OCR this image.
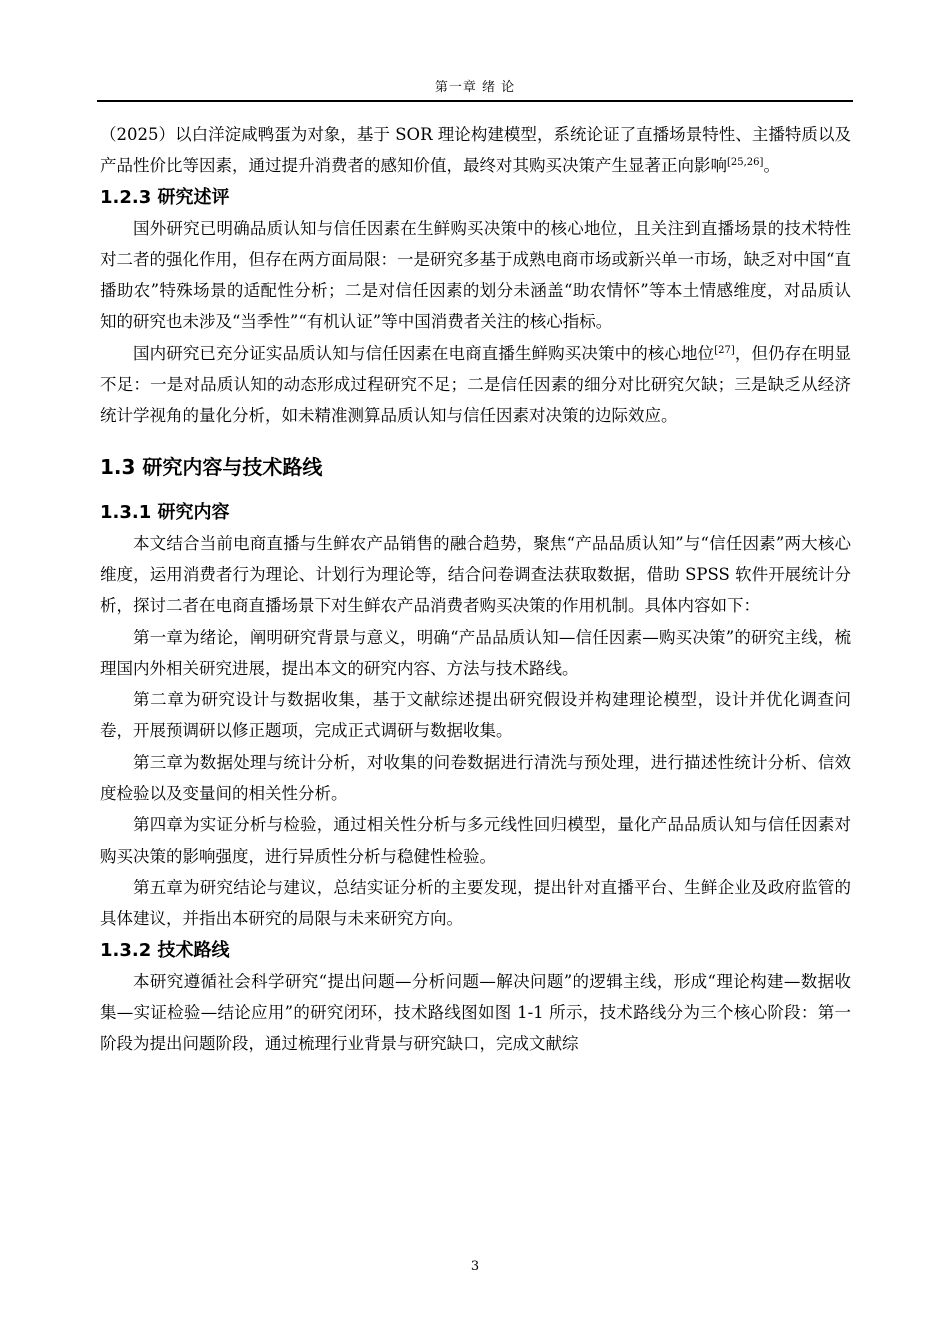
第一章 绪 论

（2025）以白洋淀咸鸭蛋为对象，基于 SOR 理论构建模型，系统论证了直播场景特性、主播特质以及产品性价比等因素，通过提升消费者的感知价值，最终对其购买决策产生显著正向影响[25,26]。

1.2.3 研究述评

国外研究已明确品质认知与信任因素在生鲜购买决策中的核心地位，且关注到直播场景的技术特性对二者的强化作用，但存在两方面局限：一是研究多基于成熟电商市场或新兴单一市场，缺乏对中国“直播助农”特殊场景的适配性分析；二是对信任因素的划分未涵盖“助农情怀”等本土情感维度，对品质认知的研究也未涉及“当季性”“有机认证”等中国消费者关注的核心指标。

国内研究已充分证实品质认知与信任因素在电商直播生鲜购买决策中的核心地位[27]，但仍存在明显不足：一是对品质认知的动态形成过程研究不足；二是信任因素的细分对比研究欠缺；三是缺乏从经济统计学视角的量化分析，如未精准测算品质认知与信任因素对决策的边际效应。

1.3 研究内容与技术路线
1.3.1 研究内容

本文结合当前电商直播与生鲜农产品销售的融合趋势，聚焦“产品品质认知”与“信任因素”两大核心维度，运用消费者行为理论、计划行为理论等，结合问卷调查法获取数据，借助 SPSS 软件开展统计分析，探讨二者在电商直播场景下对生鲜农产品消费者购买决策的作用机制。具体内容如下：

第一章为绪论，阐明研究背景与意义，明确“产品品质认知—信任因素—购买决策”的研究主线，梳理国内外相关研究进展，提出本文的研究内容、方法与技术路线。

第二章为研究设计与数据收集，基于文献综述提出研究假设并构建理论模型，设计并优化调查问卷，开展预调研以修正题项，完成正式调研与数据收集。

第三章为数据处理与统计分析，对收集的问卷数据进行清洗与预处理，进行描述性统计分析、信效度检验以及变量间的相关性分析。

第四章为实证分析与检验，通过相关性分析与多元线性回归模型，量化产品品质认知与信任因素对购买决策的影响强度，进行异质性分析与稳健性检验。

第五章为研究结论与建议，总结实证分析的主要发现，提出针对直播平台、生鲜企业及政府监管的具体建议，并指出本研究的局限与未来研究方向。

1.3.2 技术路线

本研究遵循社会科学研究“提出问题—分析问题—解决问题”的逻辑主线，形成“理论构建—数据收集—实证检验—结论应用”的研究闭环，技术路线图如图 1-1 所示，技术路线分为三个核心阶段：第一阶段为提出问题阶段，通过梳理行业背景与研究缺口，完成文献综

3
